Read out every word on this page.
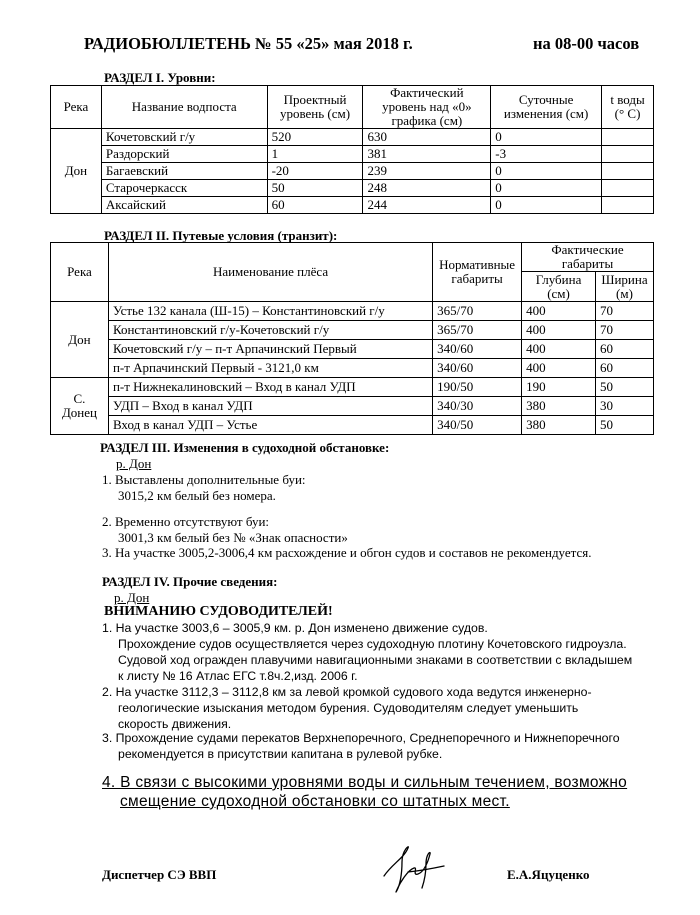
РАДИОБЮЛЛЕТЕНЬ № 55 «25» мая 2018 г.	на 08-00 часов
РАЗДЕЛ I. Уровни:
Река	Название водпоста	Проектный уровень (см)	Фактический уровень над «0» графика (см)	Суточные изменения (см)	t воды (° С)
Дон	Кочетовский г/у	520	630	0	
	Раздорский	1	381	-3	
	Багаевский	-20	239	0	
	Старочеркасск	50	248	0	
	Аксайский	60	244	0	
РАЗДЕЛ II. Путевые условия (транзит):
Река	Наименование плёса	Нормативные габариты	Фактические габариты	
			Глубина (см)	Ширина (м)
Дон	Устье 132 канала (Ш-15) – Константиновский г/у	365/70	400	70
	Константиновский г/у-Кочетовский г/у	365/70	400	70
	Кочетовский г/у – п-т Арпачинский Первый	340/60	400	60
	п-т Арпачинский Первый - 3121,0 км	340/60	400	60
С. Донец	п-т Нижнекалиновский – Вход в канал УДП	190/50	190	50
	УДП – Вход в канал УДП	340/30	380	30
	Вход в канал УДП – Устье	340/50	380	50
РАЗДЕЛ III. Изменения в судоходной обстановке:
р. Дон
1. Выставлены дополнительные буи:
3015,2 км белый без номера.
2. Временно отсутствуют буи:
3001,3 км белый без № «Знак опасности»
3. На участке 3005,2-3006,4 км расхождение и обгон судов и составов не рекомендуется.
РАЗДЕЛ IV. Прочие сведения:
р. Дон
ВНИМАНИЮ СУДОВОДИТЕЛЕЙ!
1. На участке 3003,6 – 3005,9 км. р. Дон изменено движение судов.
Прохождение судов осуществляется через судоходную плотину Кочетовского гидроузла.
Судовой ход огражден плавучими навигационными знаками в соответствии с вкладышем
к листу № 16 Атлас ЕГС т.8ч.2,изд. 2006 г.
2. На участке 3112,3 – 3112,8 км за левой кромкой судового хода ведутся инженерно-
геологические изыскания методом бурения. Судоводителям следует уменьшить
скорость движения.
3. Прохождение судами перекатов Верхнепоречного, Среднепоречного и Нижнепоречного
рекомендуется в присутствии капитана в рулевой рубке.
4. В связи с высокими уровнями воды и сильным течением, возможно
смещение судоходной обстановки со штатных мест.
Диспетчер СЭ ВВП	Е.А.Яцуценко
